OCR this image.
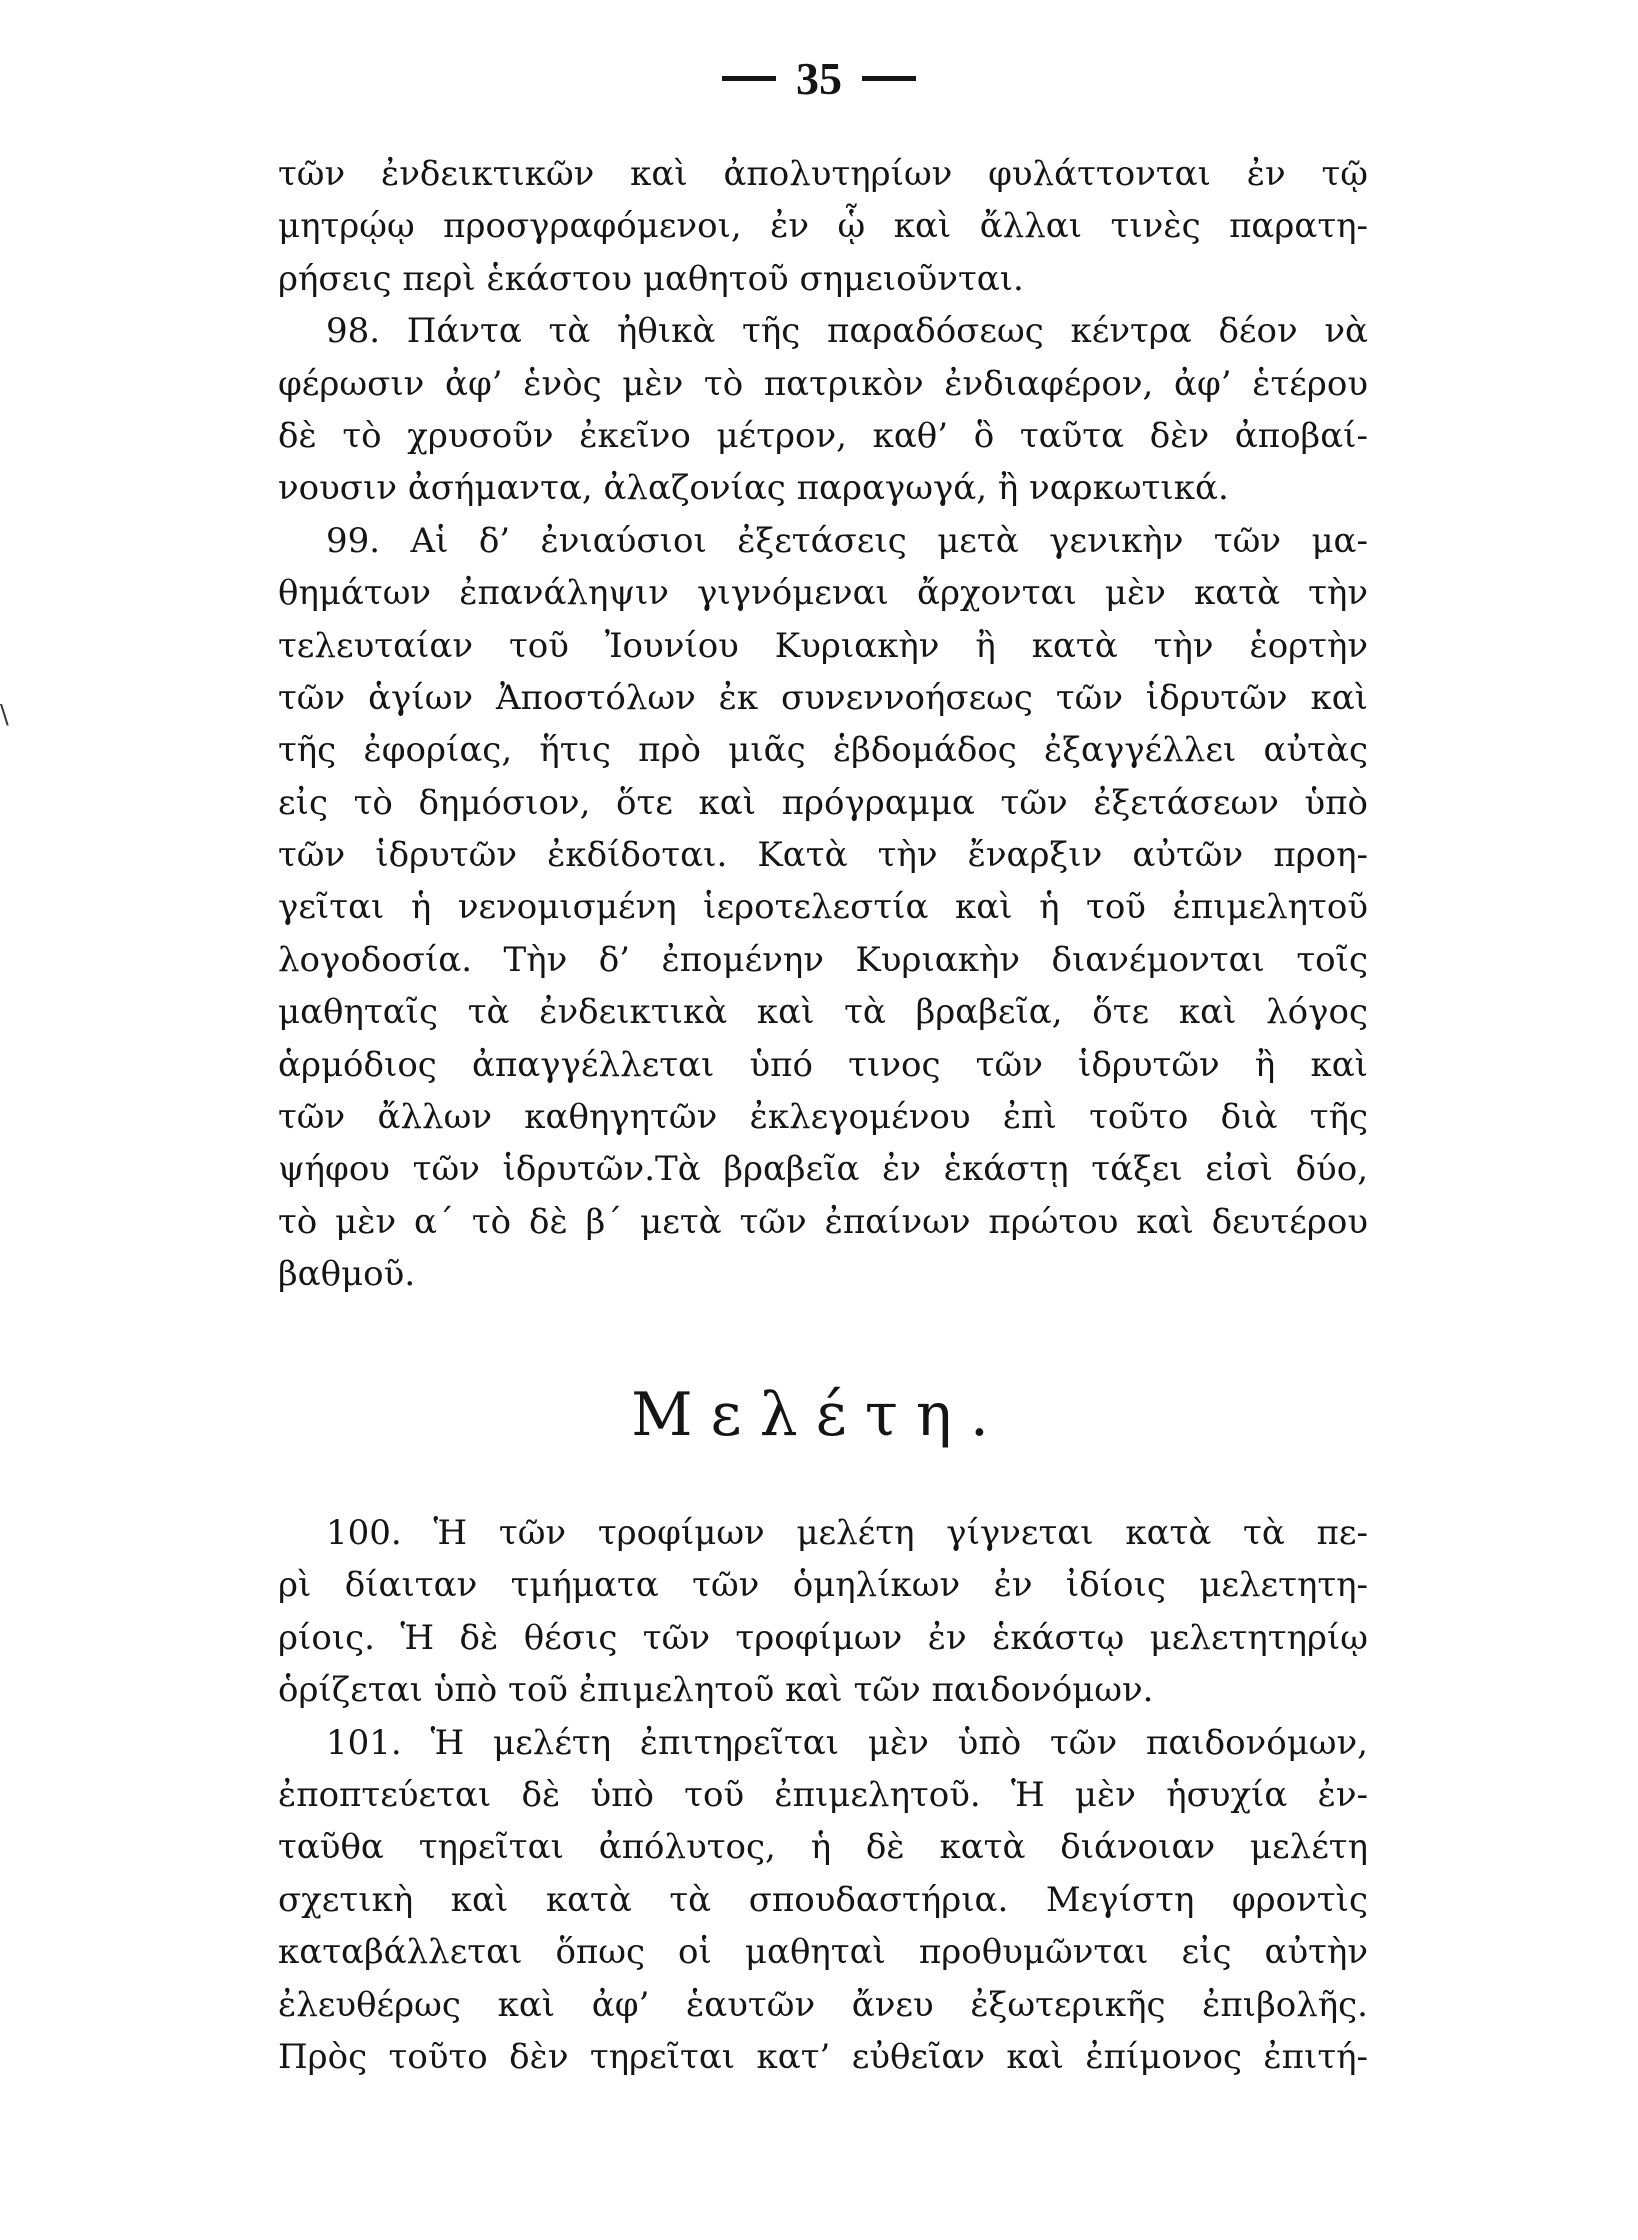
35
\
τῶν ἐνδεικτικῶν καὶ ἀπολυτηρίων φυλάττονται ἐν τῷ
μητρῴῳ προσγραφόμενοι, ἐν ᾧ καὶ ἄλλαι τινὲς παρατη-
ρήσεις περὶ ἑκάστου μαθητοῦ σημειοῦνται.
98. Πάντα τὰ ἠθικὰ τῆς παραδόσεως κέντρα δέον νὰ
φέρωσιν ἀφ’ ἑνὸς μὲν τὸ πατρικὸν ἐνδιαφέρον, ἀφ’ ἑτέρου
δὲ τὸ χρυσοῦν ἐκεῖνο μέτρον, καθ’ ὃ ταῦτα δὲν ἀποβαί-
νουσιν ἀσήμαντα, ἀλαζονίας παραγωγά, ἢ ναρκωτικά.
99. Αἱ δ’ ἐνιαύσιοι ἐξετάσεις μετὰ γενικὴν τῶν μα-
θημάτων ἐπανάληψιν γιγνόμεναι ἄρχονται μὲν κατὰ τὴν
τελευταίαν τοῦ Ἰουνίου Κυριακὴν ἢ κατὰ τὴν ἑορτὴν
τῶν ἁγίων Ἀποστόλων ἐκ συνεννοήσεως τῶν ἱδρυτῶν καὶ
τῆς ἐφορίας, ἥτις πρὸ μιᾶς ἑβδομάδος ἐξαγγέλλει αὐτὰς
εἰς τὸ δημόσιον, ὅτε καὶ πρόγραμμα τῶν ἐξετάσεων ὑπὸ
τῶν ἱδρυτῶν ἐκδίδοται. Κατὰ τὴν ἔναρξιν αὐτῶν προη-
γεῖται ἡ νενομισμένη ἱεροτελεστία καὶ ἡ τοῦ ἐπιμελητοῦ
λογοδοσία. Τὴν δ’ ἐπομένην Κυριακὴν διανέμονται τοῖς
μαθηταῖς τὰ ἐνδεικτικὰ καὶ τὰ βραβεῖα, ὅτε καὶ λόγος
ἁρμόδιος ἀπαγγέλλεται ὑπό τινος τῶν ἱδρυτῶν ἢ καὶ
τῶν ἄλλων καθηγητῶν ἐκλεγομένου ἐπὶ τοῦτο διὰ τῆς
ψήφου τῶν ἱδρυτῶν.Τὰ βραβεῖα ἐν ἑκάστῃ τάξει εἰσὶ δύο,
τὸ μὲν α΄ τὸ δὲ β΄ μετὰ τῶν ἐπαίνων πρώτου καὶ δευτέρου
βαθμοῦ.
Μελέτη.
100. Ἡ τῶν τροφίμων μελέτη γίγνεται κατὰ τὰ πε-
ρὶ δίαιταν τμήματα τῶν ὁμηλίκων ἐν ἰδίοις μελετητη-
ρίοις. Ἡ δὲ θέσις τῶν τροφίμων ἐν ἑκάστῳ μελετητηρίῳ
ὁρίζεται ὑπὸ τοῦ ἐπιμελητοῦ καὶ τῶν παιδονόμων.
101. Ἡ μελέτη ἐπιτηρεῖται μὲν ὑπὸ τῶν παιδονόμων,
ἐποπτεύεται δὲ ὑπὸ τοῦ ἐπιμελητοῦ. Ἡ μὲν ἡσυχία ἐν-
ταῦθα τηρεῖται ἀπόλυτος, ἡ δὲ κατὰ διάνοιαν μελέτη
σχετικὴ καὶ κατὰ τὰ σπουδαστήρια. Μεγίστη φροντὶς
καταβάλλεται ὅπως οἱ μαθηταὶ προθυμῶνται εἰς αὐτὴν
ἐλευθέρως καὶ ἀφ’ ἑαυτῶν ἄνευ ἐξωτερικῆς ἐπιβολῆς.
Πρὸς τοῦτο δὲν τηρεῖται κατ’ εὐθεῖαν καὶ ἐπίμονος ἐπιτή-
